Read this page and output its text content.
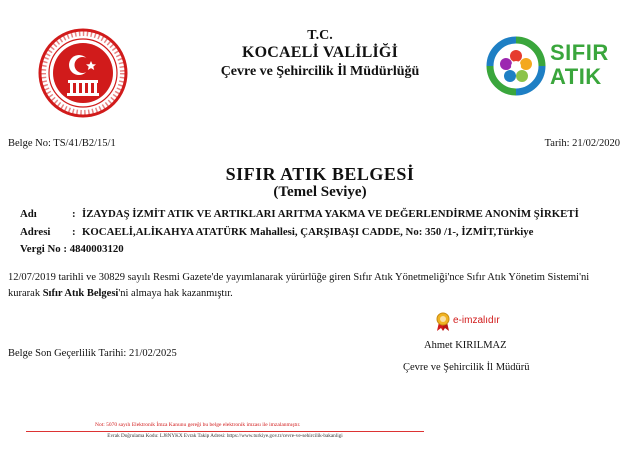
T.C.
KOCAELİ VALİLİĞİ
Çevre ve Şehircilik İl Müdürlüğü
SIFIR
ATIK
Belge No: TS/41/B2/15/1	Tarih: 21/02/2020
SIFIR ATIK BELGESİ
(Temel Seviye)
Adı	: İZAYDAŞ İZMİT ATIK VE ARTIKLARI ARITMA YAKMA VE DEĞERLENDİRME ANONİM ŞİRKETİ
Adresi : KOCAELİ,ALİKAHYA ATATÜRK Mahallesi, ÇARŞIBAŞI CADDE, No: 350 /1-, İZMİT,Türkiye
Vergi No : 4840003120
12/07/2019 tarihli ve 30829 sayılı Resmi Gazete'de yayımlanarak yürürlüğe giren Sıfır Atık Yönetmeliği'nce Sıfır Atık Yönetim Sistemi'ni kurarak Sıfır Atık Belgesi'ni almaya hak kazanmıştır.
e-imzalıdır
Belge Son Geçerlilik Tarihi: 21/02/2025
Ahmet KIRILMAZ
Çevre ve Şehircilik İl Müdürü
Not: 5070 sayılı Elektronik İmza Kanunu gereği bu belge elektronik imzası ile imzalanmıştır.
Evrak Doğrulama Kodu: LJ8NYKX Evrak Takip Adresi: https://www.turkiye.gov.tr/cevre-ve-sehircilik-bakanligi
